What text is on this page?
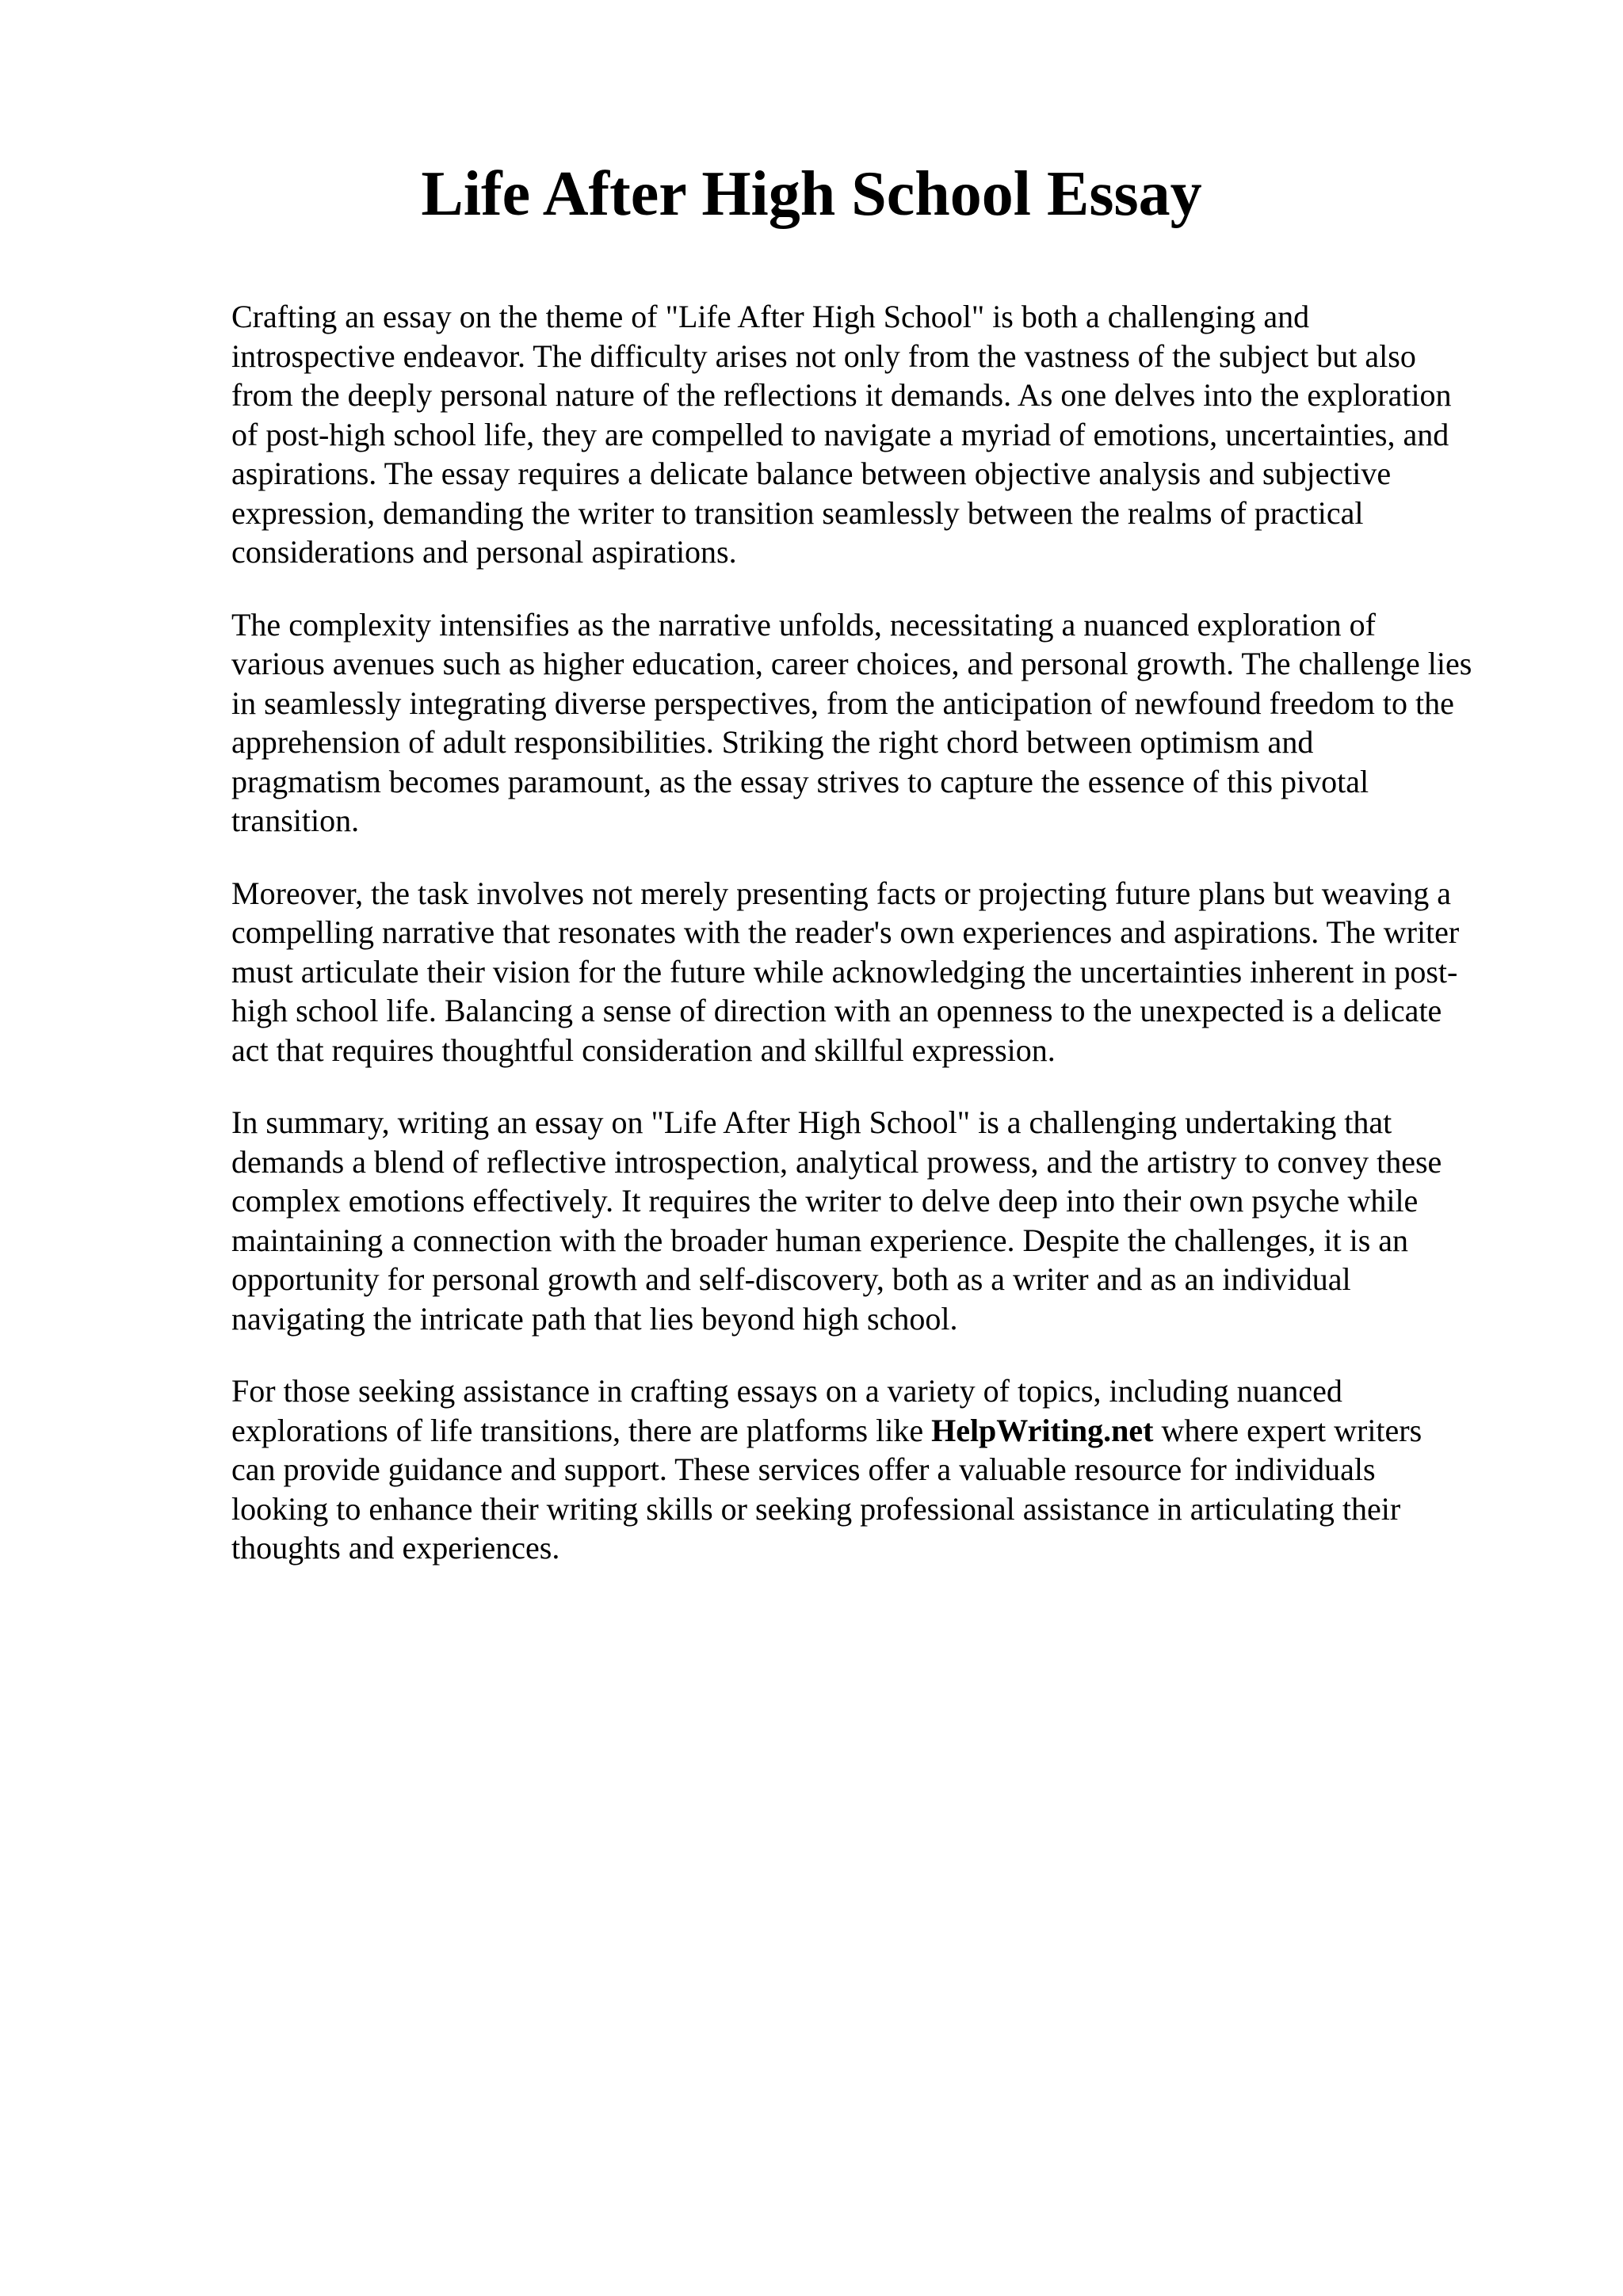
Life After High School Essay

Crafting an essay on the theme of "Life After High School" is both a challenging and
introspective endeavor. The difficulty arises not only from the vastness of the subject but also
from the deeply personal nature of the reflections it demands. As one delves into the exploration
of post-high school life, they are compelled to navigate a myriad of emotions, uncertainties, and
aspirations. The essay requires a delicate balance between objective analysis and subjective
expression, demanding the writer to transition seamlessly between the realms of practical
considerations and personal aspirations.

The complexity intensifies as the narrative unfolds, necessitating a nuanced exploration of
various avenues such as higher education, career choices, and personal growth. The challenge lies
in seamlessly integrating diverse perspectives, from the anticipation of newfound freedom to the
apprehension of adult responsibilities. Striking the right chord between optimism and
pragmatism becomes paramount, as the essay strives to capture the essence of this pivotal
transition.

Moreover, the task involves not merely presenting facts or projecting future plans but weaving a
compelling narrative that resonates with the reader's own experiences and aspirations. The writer
must articulate their vision for the future while acknowledging the uncertainties inherent in post-
high school life. Balancing a sense of direction with an openness to the unexpected is a delicate
act that requires thoughtful consideration and skillful expression.

In summary, writing an essay on "Life After High School" is a challenging undertaking that
demands a blend of reflective introspection, analytical prowess, and the artistry to convey these
complex emotions effectively. It requires the writer to delve deep into their own psyche while
maintaining a connection with the broader human experience. Despite the challenges, it is an
opportunity for personal growth and self-discovery, both as a writer and as an individual
navigating the intricate path that lies beyond high school.

For those seeking assistance in crafting essays on a variety of topics, including nuanced
explorations of life transitions, there are platforms like HelpWriting.net where expert writers
can provide guidance and support. These services offer a valuable resource for individuals
looking to enhance their writing skills or seeking professional assistance in articulating their
thoughts and experiences.
